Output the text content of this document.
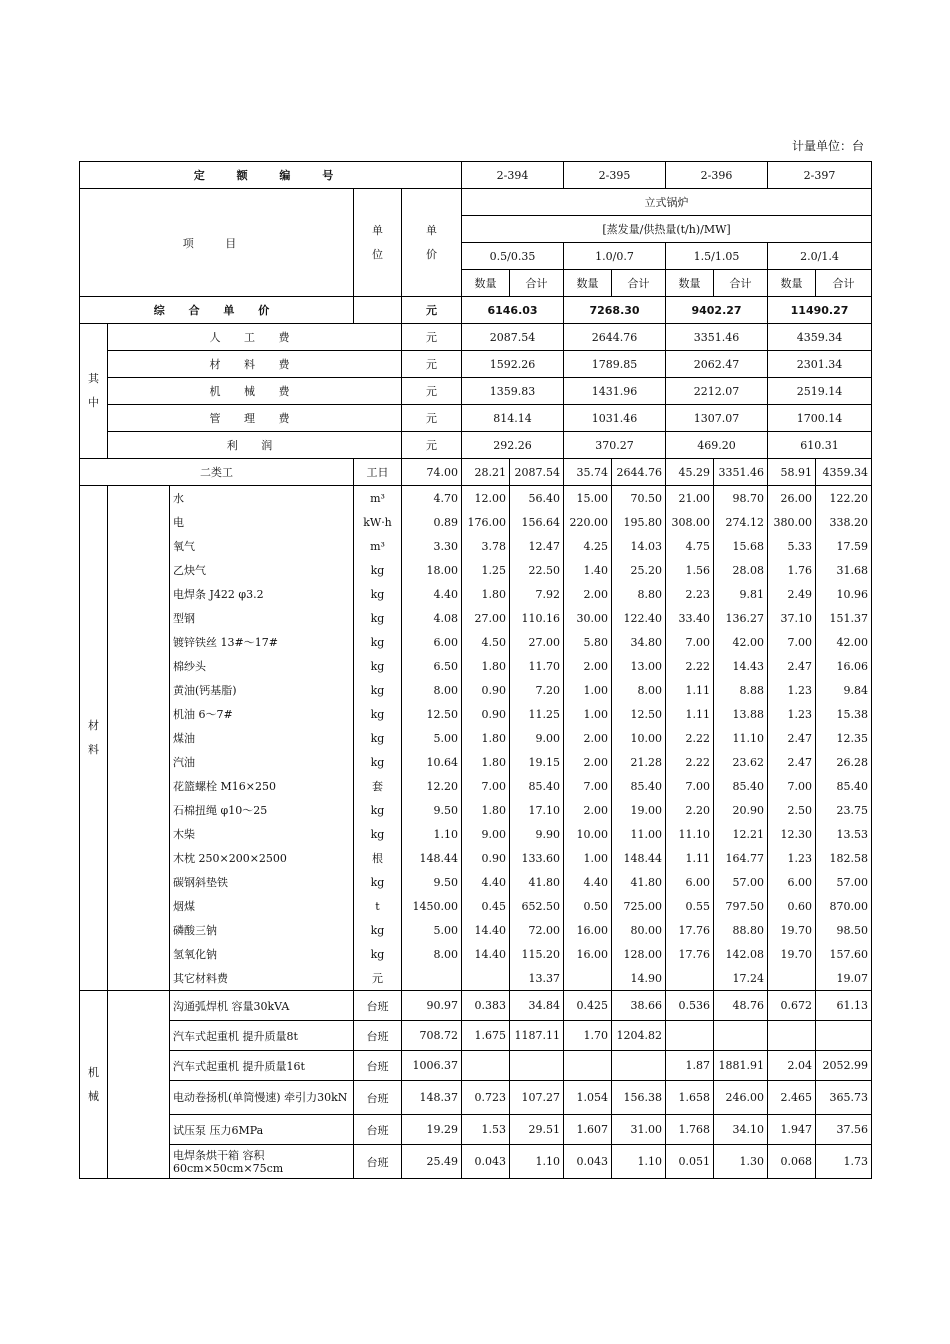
计量单位：台
定 额 编 号					2-394		2-395		2-396		2-397	
项 目			单位	单价	立式锅炉							
					[蒸发量/供热量(t/h)/MW]							
					0.5/0.35		1.0/0.7		1.5/1.05		2.0/1.4	
					数量	合计	数量	合计	数量	合计	数量	合计
综 合 单 价				元	6146.03		7268.30		9402.27		11490.27	

其中	人 工 费			元	2087.54		2644.76		3351.46		4359.34	
	材 料 费			元	1592.26		1789.85		2062.47		2301.34	
	机 械 费			元	1359.83		1431.96		2212.07		2519.14	
	管 理 费			元	814.14		1031.46		1307.07		1700.14	
	利 润			元	292.26		370.27		469.20		610.31	
二类工			工日	74.00	28.21	2087.54	35.74	2644.76	45.29	3351.46	58.91	4359.34

材料		水	m³	4.70	12.00	56.40	15.00	70.50	21.00	98.70	26.00	122.20
		电	kW·h	0.89	176.00	156.64	220.00	195.80	308.00	274.12	380.00	338.20
		氧气	m³	3.30	3.78	12.47	4.25	14.03	4.75	15.68	5.33	17.59
		乙炔气	kg	18.00	1.25	22.50	1.40	25.20	1.56	28.08	1.76	31.68
		电焊条 J422 φ3.2	kg	4.40	1.80	7.92	2.00	8.80	2.23	9.81	2.49	10.96
		型钢	kg	4.08	27.00	110.16	30.00	122.40	33.40	136.27	37.10	151.37
		镀锌铁丝 13#～17#	kg	6.00	4.50	27.00	5.80	34.80	7.00	42.00	7.00	42.00
		棉纱头	kg	6.50	1.80	11.70	2.00	13.00	2.22	14.43	2.47	16.06
		黄油(钙基脂)	kg	8.00	0.90	7.20	1.00	8.00	1.11	8.88	1.23	9.84
		机油 6～7#	kg	12.50	0.90	11.25	1.00	12.50	1.11	13.88	1.23	15.38
		煤油	kg	5.00	1.80	9.00	2.00	10.00	2.22	11.10	2.47	12.35
		汽油	kg	10.64	1.80	19.15	2.00	21.28	2.22	23.62	2.47	26.28
		花篮螺栓 M16×250	套	12.20	7.00	85.40	7.00	85.40	7.00	85.40	7.00	85.40
		石棉扭绳 φ10～25	kg	9.50	1.80	17.10	2.00	19.00	2.20	20.90	2.50	23.75
		木柴	kg	1.10	9.00	9.90	10.00	11.00	11.10	12.21	12.30	13.53
		木枕 250×200×2500	根	148.44	0.90	133.60	1.00	148.44	1.11	164.77	1.23	182.58
		碳钢斜垫铁	kg	9.50	4.40	41.80	4.40	41.80	6.00	57.00	6.00	57.00
		烟煤	t	1450.00	0.45	652.50	0.50	725.00	0.55	797.50	0.60	870.00
		磷酸三钠	kg	5.00	14.40	72.00	16.00	80.00	17.76	88.80	19.70	98.50
		氢氧化钠	kg	8.00	14.40	115.20	16.00	128.00	17.76	142.08	19.70	157.60
		其它材料费	元			13.37		14.90		17.24		19.07

机械		沟通弧焊机 容量30kVA	台班	90.97	0.383	34.84	0.425	38.66	0.536	48.76	0.672	61.13
		汽车式起重机 提升质量8t	台班	708.72	1.675	1187.11	1.70	1204.82				
		汽车式起重机 提升质量16t	台班	1006.37					1.87	1881.91	2.04	2052.99
		电动卷扬机(单筒慢速) 牵引力30kN	台班	148.37	0.723	107.27	1.054	156.38	1.658	246.00	2.465	365.73
		试压泵 压力6MPa	台班	19.29	1.53	29.51	1.607	31.00	1.768	34.10	1.947	37.56
		电焊条烘干箱 容积60cm×50cm×75cm	台班	25.49	0.043	1.10	0.043	1.10	0.051	1.30	0.068	1.73
